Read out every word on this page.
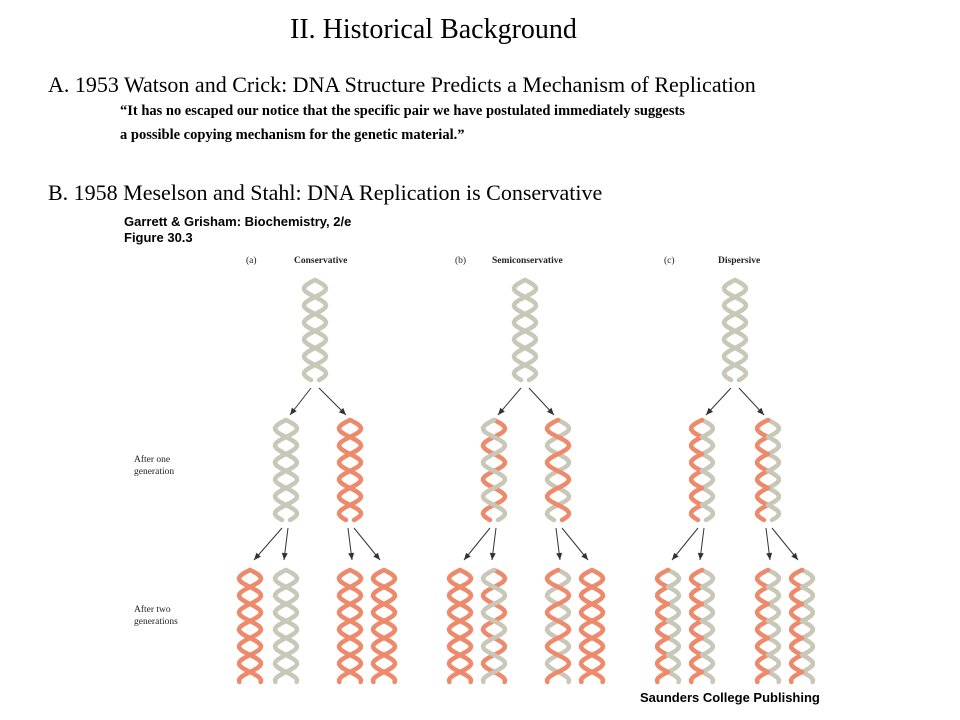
II. Historical Background
A. 1953 Watson and Crick: DNA Structure Predicts a Mechanism of Replication
“It has no escaped our notice that the specific pair we have postulated immediately suggests
a possible copying mechanism for the genetic material.”
B. 1958 Meselson and Stahl: DNA Replication is Conservative
Garrett & Grisham: Biochemistry, 2/e
Figure 30.3
(a)	Conservative	(b)	Semiconservative	(c)	Dispersive
After one
generation
After two
generations
Saunders College Publishing
